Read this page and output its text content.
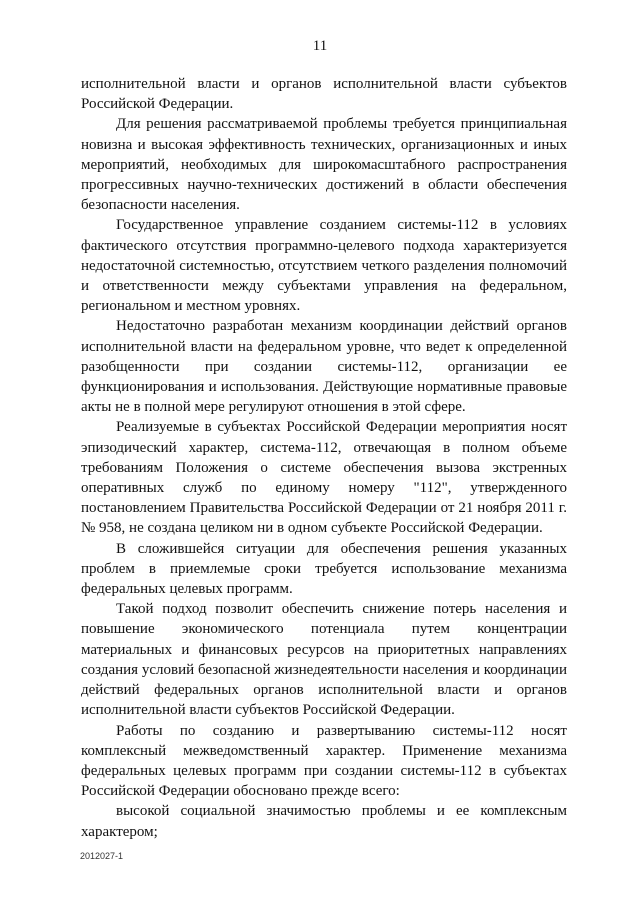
11

исполнительной власти и органов исполнительной власти субъектов Российской Федерации.

Для решения рассматриваемой проблемы требуется принципиальная новизна и высокая эффективность технических, организационных и иных мероприятий, необходимых для широкомасштабного распространения прогрессивных научно-технических достижений в области обеспечения безопасности населения.

Государственное управление созданием системы-112 в условиях фактического отсутствия программно-целевого подхода характеризуется недостаточной системностью, отсутствием четкого разделения полномочий и ответственности между субъектами управления на федеральном, региональном и местном уровнях.

Недостаточно разработан механизм координации действий органов исполнительной власти на федеральном уровне, что ведет к определенной разобщенности при создании системы-112, организации ее функционирования и использования. Действующие нормативные правовые акты не в полной мере регулируют отношения в этой сфере.

Реализуемые в субъектах Российской Федерации мероприятия носят эпизодический характер, система-112, отвечающая в полном объеме требованиям Положения о системе обеспечения вызова экстренных оперативных служб по единому номеру "112", утвержденного постановлением Правительства Российской Федерации от 21 ноября 2011 г. № 958, не создана целиком ни в одном субъекте Российской Федерации.

В сложившейся ситуации для обеспечения решения указанных проблем в приемлемые сроки требуется использование механизма федеральных целевых программ.

Такой подход позволит обеспечить снижение потерь населения и повышение экономического потенциала путем концентрации материальных и финансовых ресурсов на приоритетных направлениях создания условий безопасной жизнедеятельности населения и координации действий федеральных органов исполнительной власти и органов исполнительной власти субъектов Российской Федерации.

Работы по созданию и развертыванию системы-112 носят комплексный межведомственный характер. Применение механизма федеральных целевых программ при создании системы-112 в субъектах Российской Федерации обосновано прежде всего:

высокой социальной значимостью проблемы и ее комплексным характером;

2012027-1
